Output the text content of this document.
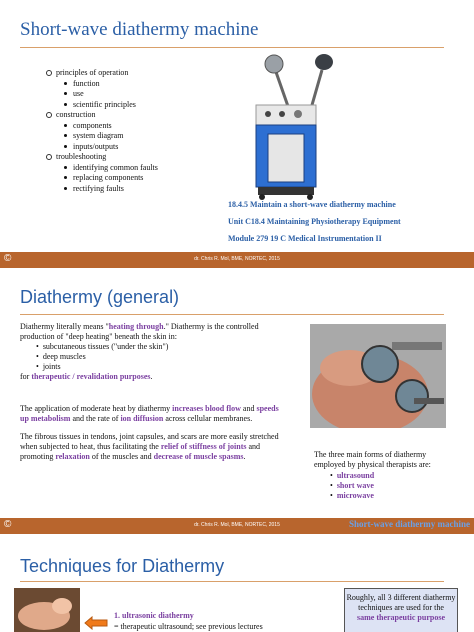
Short-wave diathermy machine
principles of operation
function
use
scientific principles
construction
components
system diagram
inputs/outputs
troubleshooting
identifying common faults
replacing components
rectifying faults
18.4.5 Maintain a short-wave diathermy machine
Unit C18.4 Maintaining Physiotherapy Equipment
Module 279 19 C Medical Instrumentation II
©	dr. Chris R. Mol, BME, NORTEC, 2015
Diathermy (general)

Diathermy literally means "heating through." Diathermy is the controlled production of "deep heating" beneath the skin in:

•  subcutaneous tissues ("under the skin")
•  deep muscles
•  joints

for therapeutic / revalidation purposes.

The application of moderate heat by diathermy increases blood flow and speeds up metabolism and the rate of ion diffusion across cellular membranes.

The fibrous tissues in tendons, joint capsules, and scars are more easily stretched when subjected to heat, thus facilitating the relief of stiffness of joints and promoting relaxation of the muscles and decrease of muscle spasms.	The three main forms of diathermy employed by physical therapists are:

•  ultrasound
•  short wave
•  microwave
©	dr. Chris R. Mol, BME, NORTEC, 2015	Short-wave diathermy machine
Techniques for Diathermy
1. ultrasonic diathermy
= therapeutic ultrasound; see previous lectures
Roughly, all 3 different diathermy techniques are used for the
same therapeutic purpose
